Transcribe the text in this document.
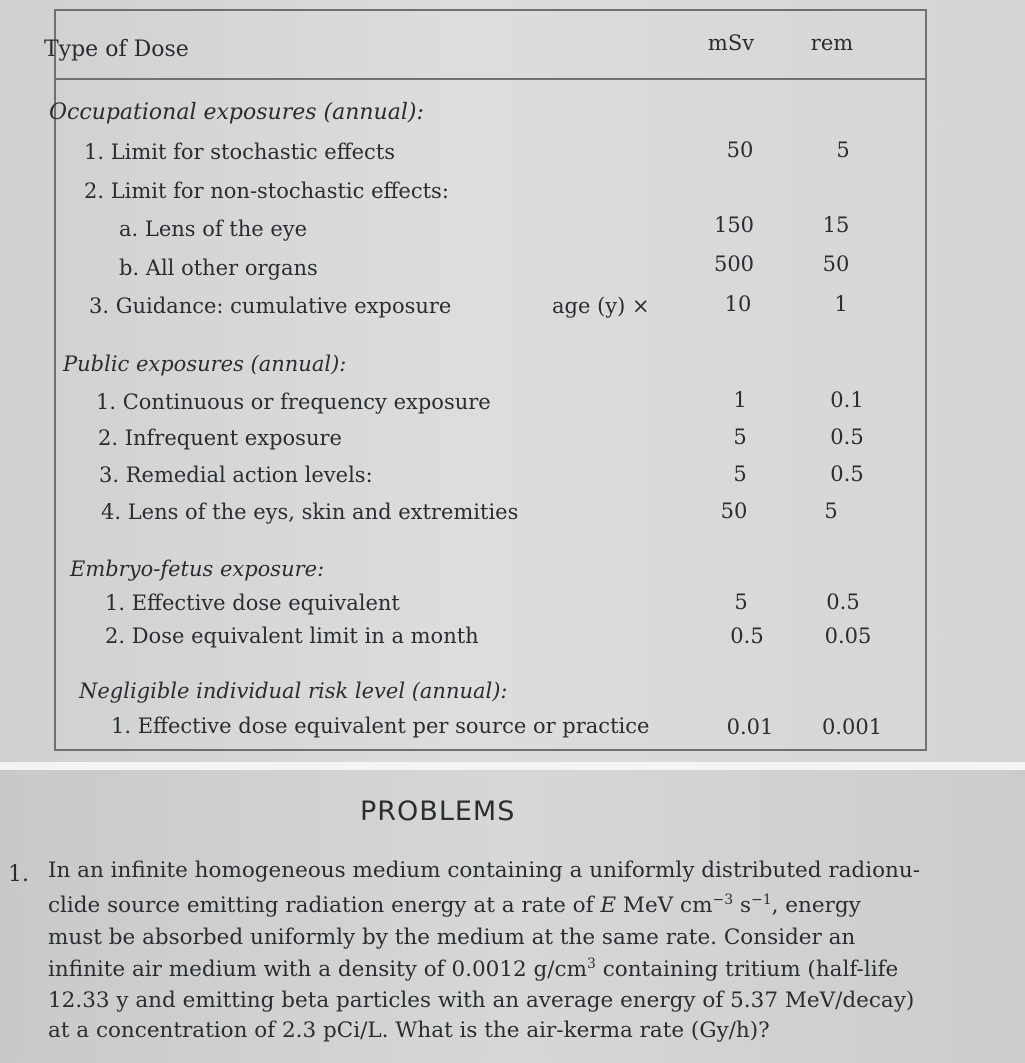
Type of Dose	mSv	rem
Occupational exposures (annual):
1. Limit for stochastic effects	50	5
2. Limit for non-stochastic effects:
a. Lens of the eye	150	15
b. All other organs	500	50
3. Guidance: cumulative exposure	age (y) ×	10	1
Public exposures (annual):
1. Continuous or frequency exposure	1	0.1
2. Infrequent exposure	5	0.5
3. Remedial action levels:	5	0.5
4. Lens of the eys, skin and extremities	50	5
Embryo-fetus exposure:
1. Effective dose equivalent	5	0.5
2. Dose equivalent limit in a month	0.5	0.05
Negligible individual risk level (annual):
1. Effective dose equivalent per source or practice	0.01 0.001
PROBLEMS
1. In an infinite homogeneous medium containing a uniformly distributed radionu-
clide source emitting radiation energy at a rate of E MeV $cm^{-3}$ $s^{-1}$, energy
must be absorbed uniformly by the medium at the same rate. Consider an
infinite air medium with a density of 0.0012 $g/cm^3$ containing tritium (half-life
12.33 y and emitting beta particles with an average energy of 5.37 MeV/decay)
at a concentration of 2.3 pCi/L. What is the air-kerma rate (Gy/h)?
